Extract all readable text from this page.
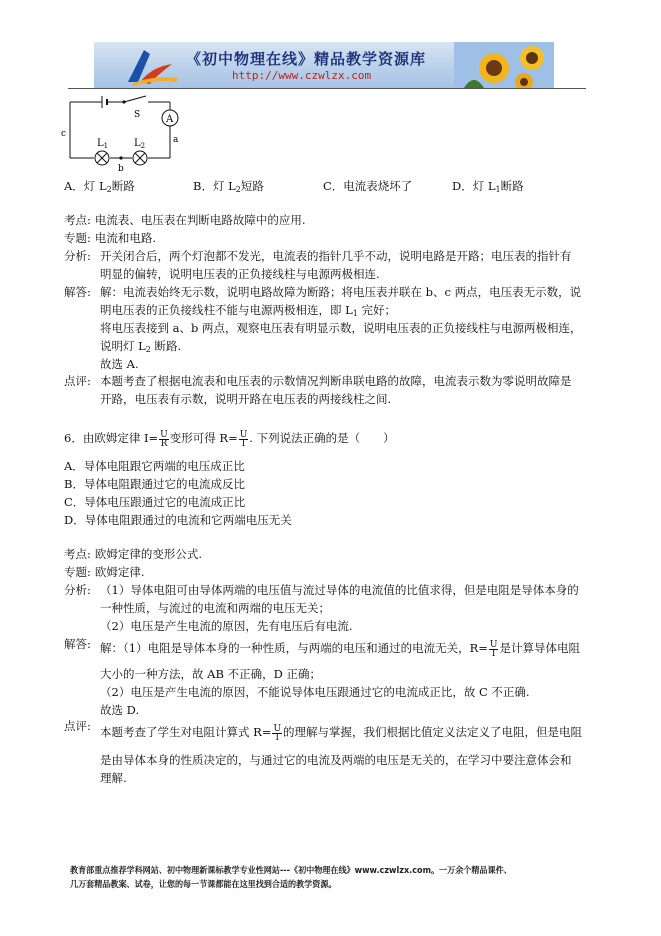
《初中物理在线》精品教学资源库
http://www.czwlzx.com
A
S
c
a
b
$L_1$	$L_2$
A．灯 $L_2$断路	B．灯 $L_2$短路	C．电流表烧坏了	D．灯 $L_1$断路
考点: 电流表、电压表在判断电路故障中的应用.
专题: 电流和电路.
分析: 开关闭合后，两个灯泡都不发光，电流表的指针几乎不动，说明电路是开路；电压表的指针有
明显的偏转，说明电压表的正负接线柱与电源两极相连.
解答: 解：电流表始终无示数，说明电路故障为断路；将电压表并联在 b、c 两点，电压表无示数，说
明电压表的正负接线柱不能与电源两极相连，即 $L_1$ 完好；
将电压表接到 a、b 两点，观察电压表有明显示数，说明电压表的正负接线柱与电源两极相连，
说明灯 $L_2$ 断路.
故选 A.
点评: 本题考查了根据电流表和电压表的示数情况判断串联电路的故障，电流表示数为零说明故障是
开路，电压表有示数，说明开路在电压表的两接线柱之间.
6．由欧姆定律 $I= \frac{U}{R}$ 变形可得 $R= \frac{U}{I}$ . 下列说法正确的是（　　）
A．导体电阻跟它两端的电压成正比
B．导体电阻跟通过它的电流成反比
C．导体电压跟通过它的电流成正比
D．导体电阻跟通过的电流和它两端电压无关
考点: 欧姆定律的变形公式.
专题: 欧姆定律.
分析: （1）导体电阻可由导体两端的电压值与流过导体的电流值的比值求得，但是电阻是导体本身的
一种性质，与流过的电流和两端的电压无关；
（2）电压是产生电流的原因，先有电压后有电流.
解答: 解：（1）电阻是导体本身的一种性质，与两端的电压和通过的电流无关，$R= \frac{U}{I}$ 是计算导体电阻
大小的一种方法，故 AB 不正确，D 正确；
（2）电压是产生电流的原因，不能说导体电压跟通过它的电流成正比，故 C 不正确.
故选 D.
点评: 本题考查了学生对电阻计算式 $R= \frac{U}{I}$ 的理解与掌握，我们根据比值定义法定义了电阻，但是电阻
是由导体本身的性质决定的，与通过它的电流及两端的电压是无关的，在学习中要注意体会和
理解.
教育部重点推荐学科网站、初中物理新课标教学专业性网站---《初中物理在线》www.czwlzx.com。一万余个精品课件、
几万套精品教案、试卷，让您的每一节课都能在这里找到合适的教学资源。
